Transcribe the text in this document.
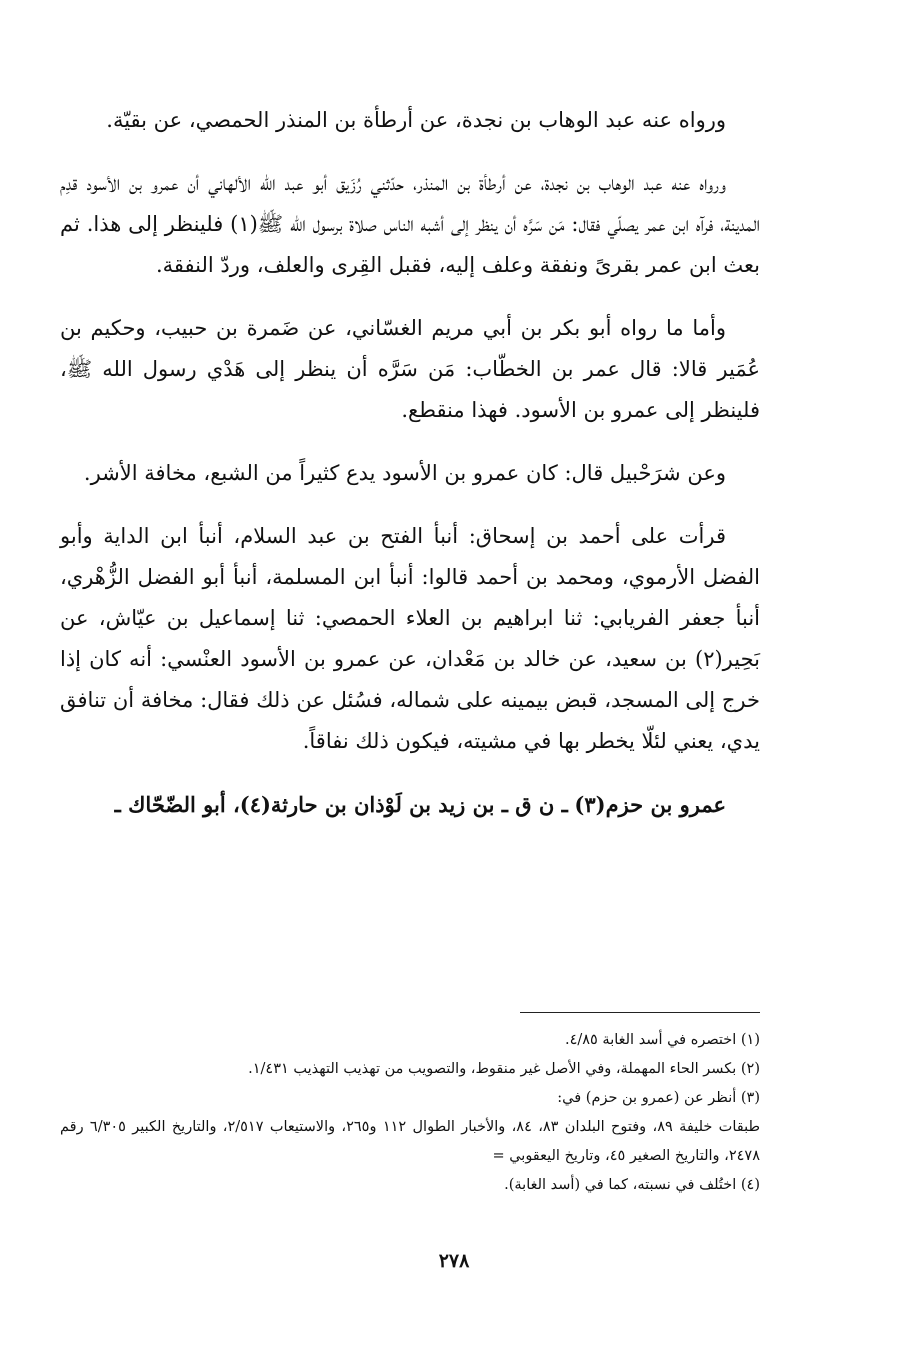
ورواه عنه عبد الوهاب بن نجدة، عن أرطأة بن المنذر الحمصي، عن بقيّة.

ورواه عنه عبد الوهاب بن نجدة، عن أرطأة بن المنذر، حدّثني رُزَيق أبو عبد الله الألهاني أن عمرو بن الأسود قدِم المدينة، فرآه ابن عمر يصلّي فقال: مَن سَرَّه أن ينظر إلى أشبه الناس صلاة برسول الله ﷺ(١) فلينظر إلى هذا. ثم بعث ابن عمر بقرىً ونفقة وعلف إليه، فقبل القِرى والعلف، وردّ النفقة.

وأما ما رواه أبو بكر بن أبي مريم الغسّاني، عن ضَمرة بن حبيب، وحكيم بن عُمَير قالا: قال عمر بن الخطّاب: مَن سَرَّه أن ينظر إلى هَدْي رسول الله ﷺ، فلينظر إلى عمرو بن الأسود. فهذا منقطع.

وعن شرَحْبيل قال: كان عمرو بن الأسود يدع كثيراً من الشبع، مخافة الأشر.

قرأت على أحمد بن إسحاق: أنبأ الفتح بن عبد السلام، أنبأ ابن الداية وأبو الفضل الأرموي، ومحمد بن أحمد قالوا: أنبأ ابن المسلمة، أنبأ أبو الفضل الزُّهْري، أنبأ جعفر الفريابي: ثنا ابراهيم بن العلاء الحمصي: ثنا إسماعيل بن عيّاش، عن بَحِير(٢) بن سعيد، عن خالد بن مَعْدان، عن عمرو بن الأسود العنْسي: أنه كان إذا خرج إلى المسجد، قبض بيمينه على شماله، فسُئل عن ذلك فقال: مخافة أن تنافق يدي، يعني لئلّا يخطر بها في مشيته، فيكون ذلك نفاقاً.

عمرو بن حزم(٣) ـ ن ق ـ بن زيد بن لَوْذان بن حارثة(٤)، أبو الضّحّاك ـ

(١) اختصره في أسد الغابة ٤/٨٥.
(٢) بكسر الحاء المهملة، وفي الأصل غير منقوط، والتصويب من تهذيب التهذيب ١/٤٣١.
(٣) أنظر عن (عمرو بن حزم) في:
طبقات خليفة ٨٩، وفتوح البلدان ٨٣، ٨٤، والأخبار الطوال ١١٢ و٢٦٥، والاستيعاب ٢/٥١٧، والتاريخ الكبير ٦/٣٠٥ رقم ٢٤٧٨، والتاريخ الصغير ٤٥، وتاريخ اليعقوبي =
(٤) اختُلف في نسبته، كما في (أسد الغابة).
٢٧٨
